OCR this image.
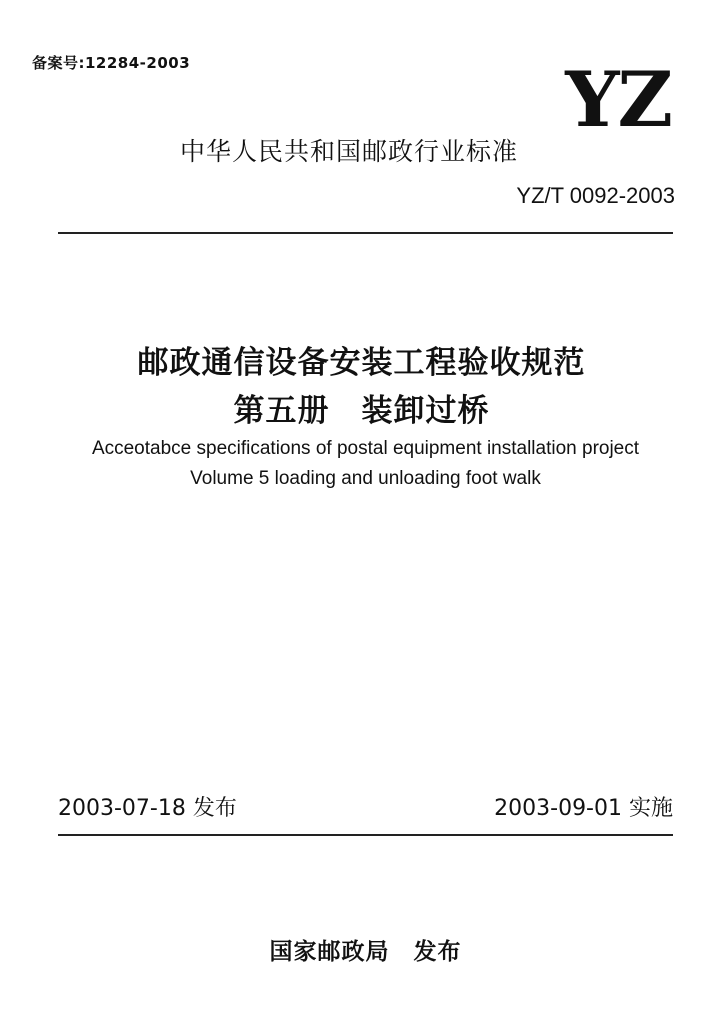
备案号:12284-2003	YZ
中华人民共和国邮政行业标准
YZ/T 0092-2003
邮政通信设备安装工程验收规范
第五册　装卸过桥
Acceotabce specifications of postal equipment installation project
Volume 5 loading and unloading foot walk
2003-07-18 发布	2003-09-01 实施
国家邮政局　发布
